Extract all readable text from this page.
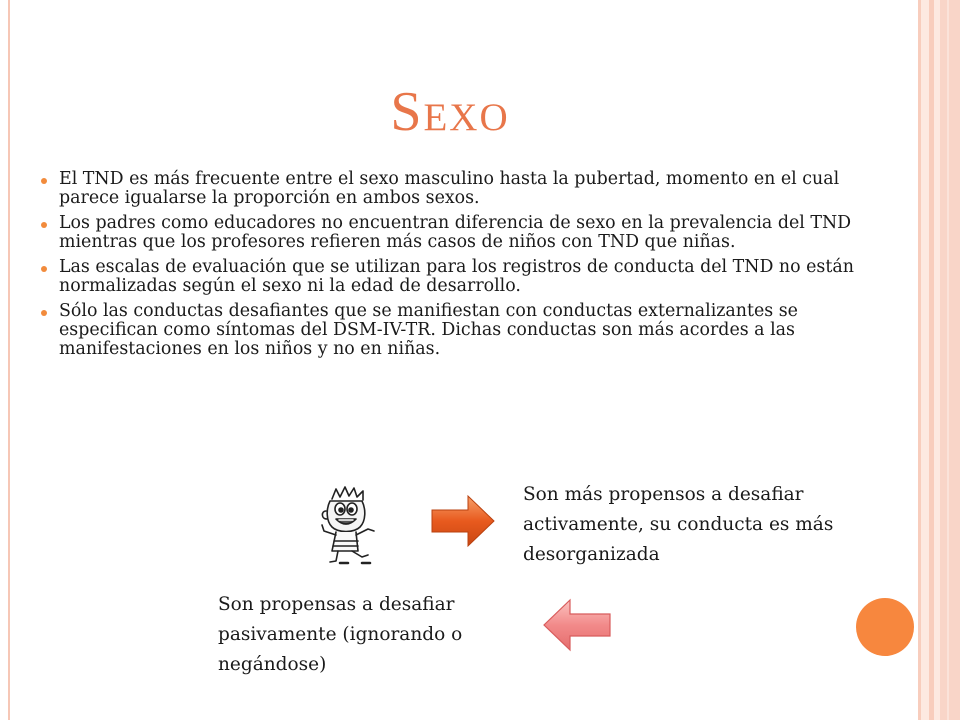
Sexo
El TND es más frecuente entre el sexo masculino hasta la pubertad, momento en el cual parece igualarse la proporción en ambos sexos.
Los padres como educadores no encuentran diferencia de sexo en la prevalencia del TND mientras que los profesores refieren más casos de niños con TND que niñas.
Las escalas de evaluación que se utilizan para los registros de conducta del TND no están normalizadas según el sexo ni la edad de desarrollo.
Sólo las conductas desafiantes que se manifiestan con conductas externalizantes se especifican como síntomas del DSM-IV-TR. Dichas conductas son más acordes a las manifestaciones en los niños y no en niñas.

Son más propensos a desafiar activamente, su conducta es más desorganizada

Son propensas a desafiar pasivamente (ignorando o negándose)
